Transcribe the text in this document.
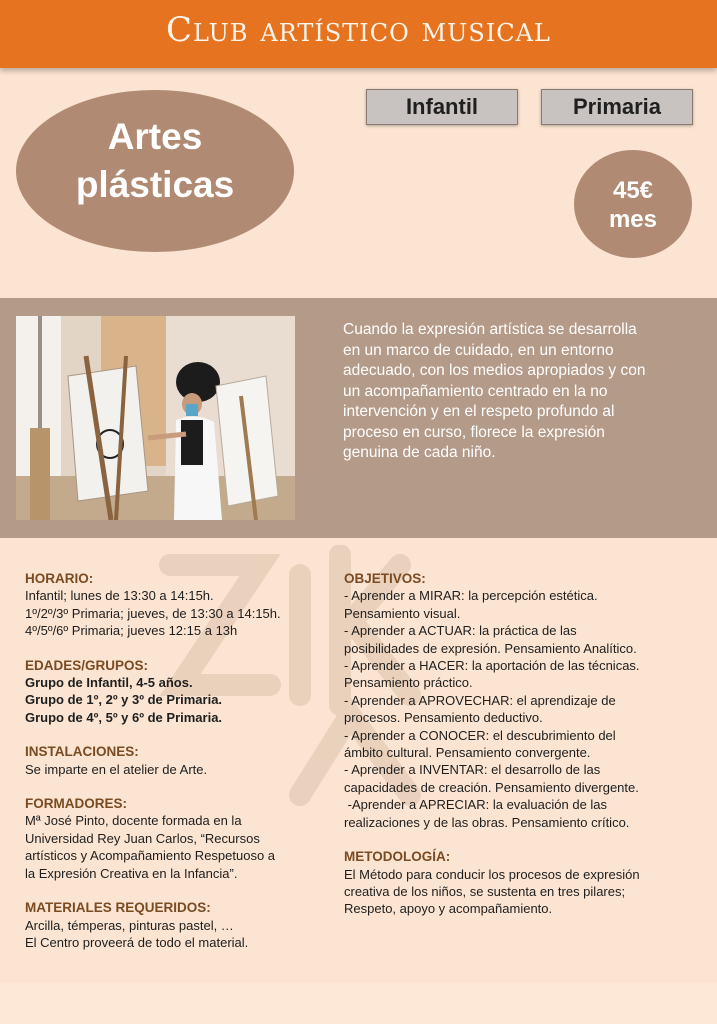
Club artístico musical
Artes
plásticas
Infantil	Primaria
45€
mes
Cuando la expresión artística se desarrolla
en un marco de cuidado, en un entorno
adecuado, con los medios apropiados y con
un acompañamiento centrado en la no
intervención y en el respeto profundo al
proceso en curso, florece la expresión
genuina de cada niño.
HORARIO:
Infantil; lunes de 13:30 a 14:15h.
1º/2º/3º Primaria; jueves, de 13:30 a 14:15h.
4º/5º/6º Primaria; jueves 12:15 a 13h
EDADES/GRUPOS:
Grupo de Infantil, 4-5 años.
Grupo de 1º, 2º y 3º de Primaria.
Grupo de 4º, 5º y 6º de Primaria.
INSTALACIONES:
Se imparte en el atelier de Arte.
FORMADORES:
Mª José Pinto, docente formada en la
Universidad Rey Juan Carlos, “Recursos
artísticos y Acompañamiento Respetuoso a
la Expresión Creativa en la Infancia”.
MATERIALES REQUERIDOS:
Arcilla, témperas, pinturas pastel, …
El Centro proveerá de todo el material.
OBJETIVOS:
- Aprender a MIRAR: la percepción estética.
Pensamiento visual.
- Aprender a ACTUAR: la práctica de las
posibilidades de expresión. Pensamiento Analítico.
- Aprender a HACER: la aportación de las técnicas.
Pensamiento práctico.
- Aprender a APROVECHAR: el aprendizaje de
procesos. Pensamiento deductivo.
- Aprender a CONOCER: el descubrimiento del
ámbito cultural. Pensamiento convergente.
- Aprender a INVENTAR: el desarrollo de las
capacidades de creación. Pensamiento divergente.
-Aprender a APRECIAR: la evaluación de las
realizaciones y de las obras. Pensamiento crítico.
METODOLOGÍA:
El Método para conducir los procesos de expresión
creativa de los niños, se sustenta en tres pilares;
Respeto, apoyo y acompañamiento.
